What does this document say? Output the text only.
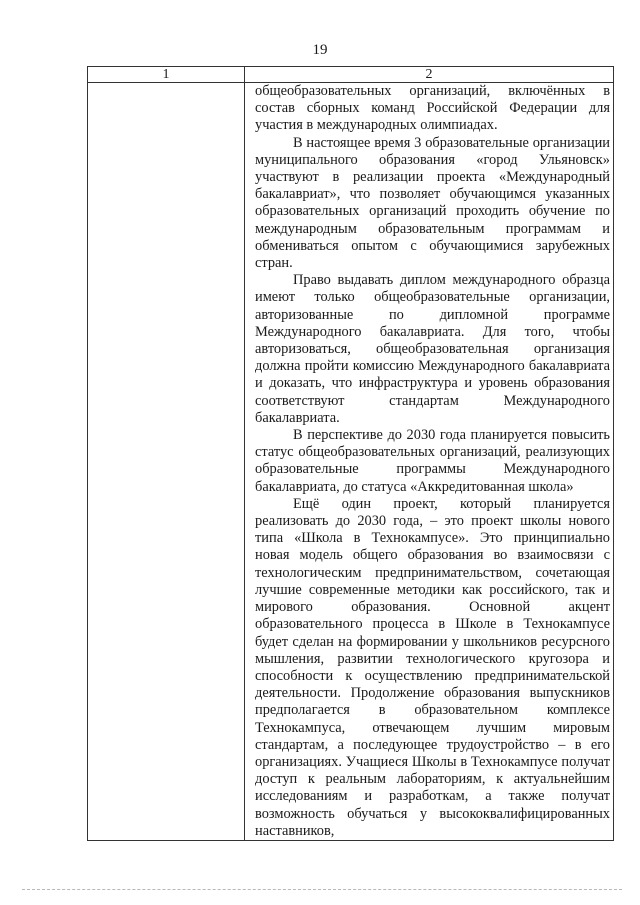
19
1	2

	общеобразовательных организаций, включённых в состав сборных команд Российской Федерации для участия в международных олимпиадах.

В настоящее время 3 образовательные организации муниципального образования «город Ульяновск» участвуют в реализации проекта «Международный бакалавриат», что позволяет обучающимся указанных образовательных организаций проходить обучение по международным образовательным программам и обмениваться опытом с обучающимися зарубежных стран.

Право выдавать диплом международного образца имеют только общеобразовательные организации, авторизованные по дипломной программе Международного бакалавриата. Для того, чтобы авторизоваться, общеобразовательная организация должна пройти комиссию Международного бакалавриата и доказать, что инфраструктура и уровень образования соответствуют стандартам Международного бакалавриата.

В перспективе до 2030 года планируется повысить статус общеобразовательных организаций, реализующих образовательные программы Международного бакалавриата, до статуса «Аккредитованная школа»

Ещё один проект, который планируется реализовать до 2030 года, – это проект школы нового типа «Школа в Технокампусе». Это принципиально новая модель общего образования во взаимосвязи с технологическим предпринимательством, сочетающая лучшие современные методики как российского, так и мирового образования. Основной акцент образовательного процесса в Школе в Технокампусе будет сделан на формировании у школьников ресурсного мышления, развитии технологического кругозора и способности к осуществлению предпринимательской деятельности. Продолжение образования выпускников предполагается в образовательном комплексе Технокампуса, отвечающем лучшим мировым стандартам, а последующее трудоустройство – в его организациях. Учащиеся Школы в Технокампусе получат доступ к реальным лабораториям, к актуальнейшим исследованиям и разработкам, а также получат возможность обучаться у высококвалифицированных наставников,
